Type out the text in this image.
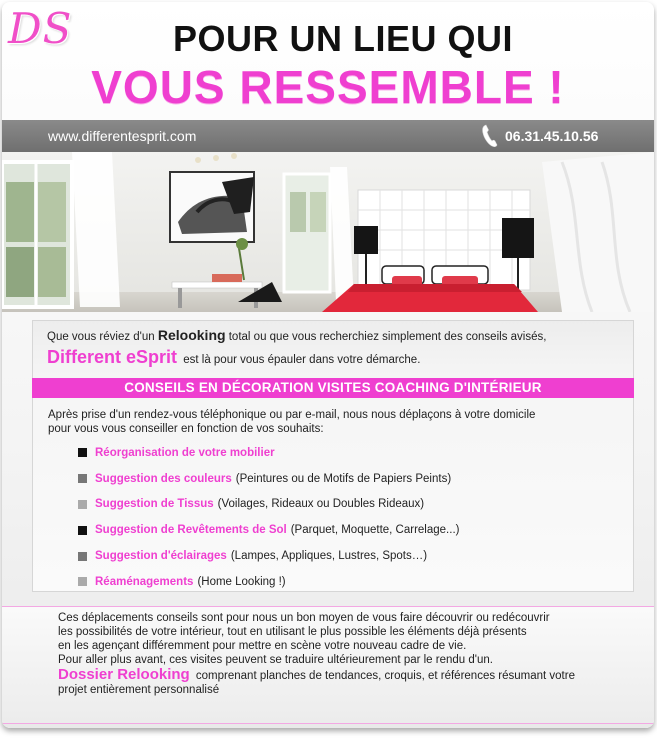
DS	POUR UN LIEU QUI
VOUS RESSEMBLE !
www.differentesprit.com	06.31.45.10.56
Que vous réviez d'un Relooking total ou que vous recherchiez simplement des conseils avisés,
Different eSprit est là pour vous épauler dans votre démarche.
CONSEILS EN DÉCORATION VISITES COACHING D'INTÉRIEUR
Après prise d'un rendez-vous téléphonique ou par e-mail, nous nous déplaçons à votre domicile
pour vous vous conseiller en fonction de vos souhaits:
Réorganisation de votre mobilier
Suggestion des couleurs (Peintures ou de Motifs de Papiers Peints)
Suggestion de Tissus (Voilages, Rideaux ou Doubles Rideaux)
Suggestion de Revêtements de Sol (Parquet, Moquette, Carrelage...)
Suggestion d'éclairages (Lampes, Appliques, Lustres, Spots…)
Réaménagements (Home Looking !)
Ces déplacements conseils sont pour nous un bon moyen de vous faire découvrir ou redécouvrir
les possibilités de votre intérieur, tout en utilisant le plus possible les éléments déjà présents
en les agençant différemment pour mettre en scène votre nouveau cadre de vie.
Pour aller plus avant, ces visites peuvent se traduire ultérieurement par le rendu d'un.
Dossier Relooking comprenant planches de tendances, croquis, et références résumant votre
projet entièrement personnalisé
